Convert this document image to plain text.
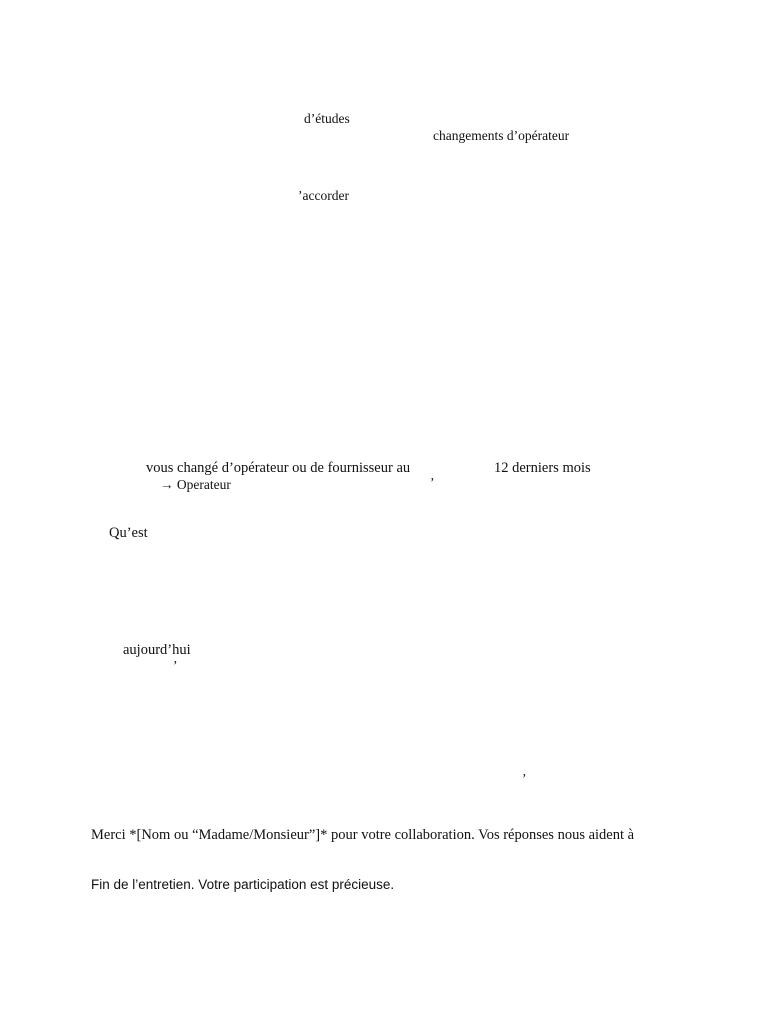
d’études
changements d’opérateur
’accorder
vous changé d’opérateur ou de fournisseur au	12 derniers mois
→ Operateur	’
Qu’est
aujourd’hui
’
’
Merci *[Nom ou “Madame/Monsieur”]* pour votre collaboration. Vos réponses nous aident à
Fin de l’entretien. Votre participation est précieuse.
